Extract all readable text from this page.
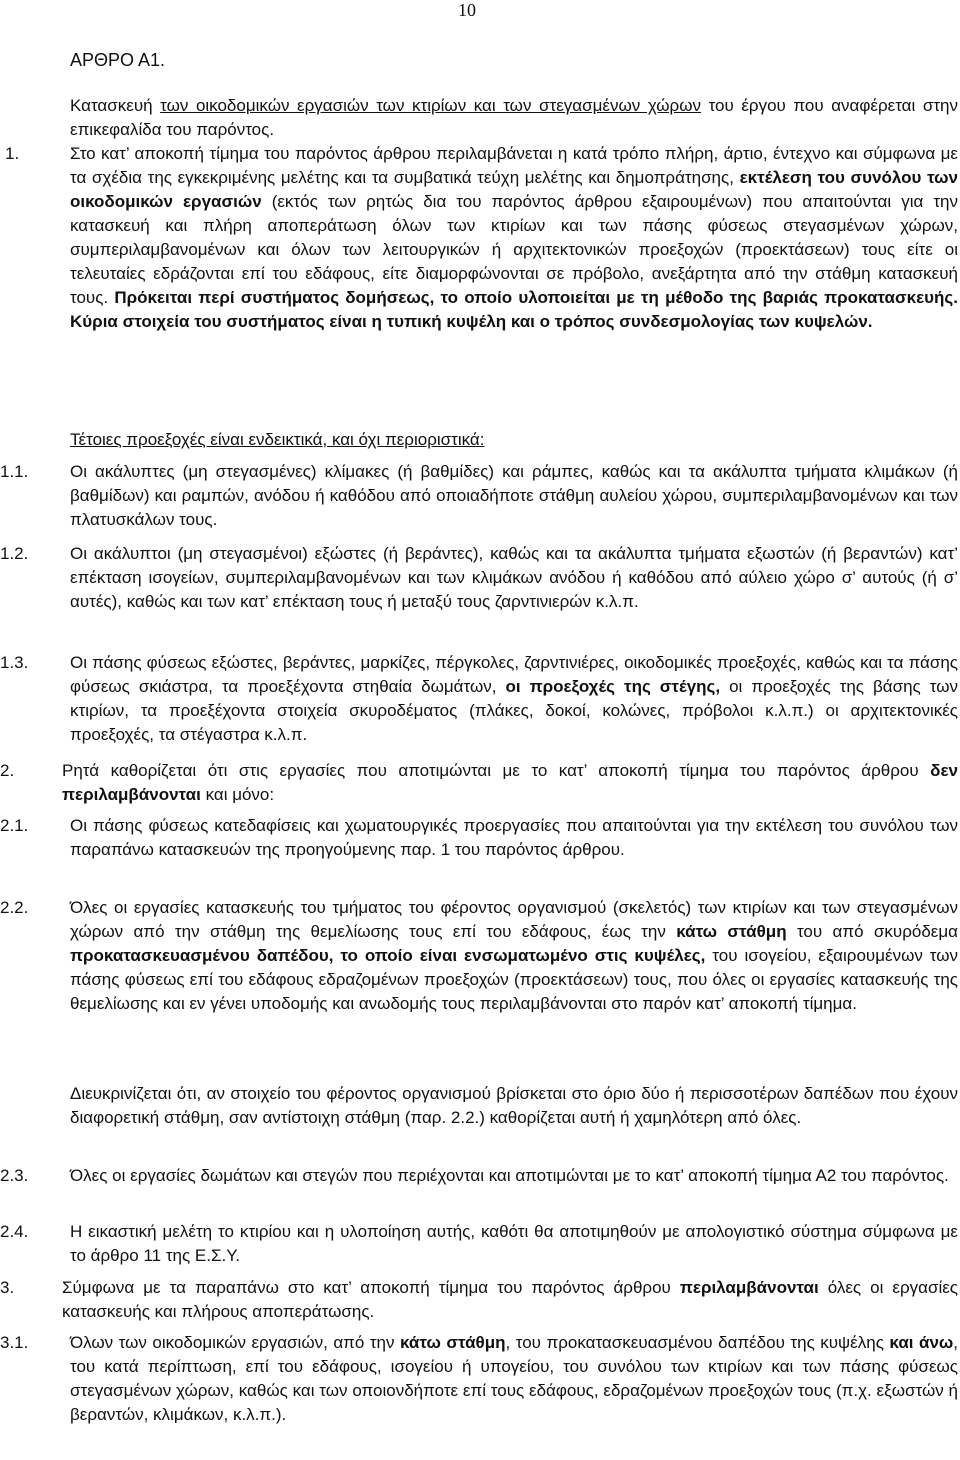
10
ΑΡΘΡΟ Α1.

Κατασκευή των οικοδομικών εργασιών των κτιρίων και των στεγασμένων χώρων του έργου που αναφέρεται στην επικεφαλίδα του παρόντος.

1.	Στο κατ’ αποκοπή τίμημα του παρόντος άρθρου περιλαμβάνεται η κατά τρόπο πλήρη, άρτιο, έντεχνο και σύμφωνα με τα σχέδια της εγκεκριμένης μελέτης και τα συμβατικά τεύχη μελέτης και δημοπράτησης, εκτέλεση του συνόλου των οικοδομικών εργασιών (εκτός των ρητώς δια του παρόντος άρθρου εξαιρουμένων) που απαιτούνται για την κατασκευή και πλήρη αποπεράτωση όλων των κτιρίων και των πάσης φύσεως στεγασμένων χώρων, συμπεριλαμβανομένων και όλων των λειτουργικών ή αρχιτεκτονικών προεξοχών (προεκτάσεων) τους είτε οι τελευταίες εδράζονται επί του εδάφους, είτε διαμορφώνονται σε πρόβολο, ανεξάρτητα από την στάθμη κατασκευή τους. Πρόκειται περί συστήματος δομήσεως, το οποίο υλοποιείται με τη μέθοδο της βαριάς προκατασκευής. Κύρια στοιχεία του συστήματος είναι η τυπική κυψέλη και ο τρόπος συνδεσμολογίας των κυψελών.

Τέτοιες προεξοχές είναι ενδεικτικά, και όχι περιοριστικά:

1.1. Οι ακάλυπτες (μη στεγασμένες) κλίμακες (ή βαθμίδες) και ράμπες, καθώς και τα ακάλυπτα τμήματα κλιμάκων (ή βαθμίδων) και ραμπών, ανόδου ή καθόδου από οποιαδήποτε στάθμη αυλείου χώρου, συμπεριλαμβανομένων και των πλατυσκάλων τους.

1.2. Οι ακάλυπτοι (μη στεγασμένοι) εξώστες (ή βεράντες), καθώς και τα ακάλυπτα τμήματα εξωστών (ή βεραντών) κατ’ επέκταση ισογείων, συμπεριλαμβανομένων και των κλιμάκων ανόδου ή καθόδου από αύλειο χώρο σ’ αυτούς (ή σ’ αυτές), καθώς και των κατ’ επέκταση τους ή μεταξύ τους ζαρντινιερών κ.λ.π.

1.3. Οι πάσης φύσεως εξώστες, βεράντες, μαρκίζες, πέργκολες, ζαρντινιέρες, οικοδομικές προεξοχές, καθώς και τα πάσης φύσεως σκιάστρα, τα προεξέχοντα στηθαία δωμάτων, οι προεξοχές της στέγης, οι προεξοχές της βάσης των κτιρίων, τα προεξέχοντα στοιχεία σκυροδέματος (πλάκες, δοκοί, κολώνες, πρόβολοι κ.λ.π.) οι αρχιτεκτονικές προεξοχές, τα στέγαστρα κ.λ.π.

2.	Ρητά καθορίζεται ότι στις εργασίες που αποτιμώνται με το κατ’ αποκοπή τίμημα του παρόντος άρθρου δεν περιλαμβάνονται και μόνο:

2.1. Οι πάσης φύσεως κατεδαφίσεις και χωματουργικές προεργασίες που απαιτούνται για την εκτέλεση του συνόλου των παραπάνω κατασκευών της προηγούμενης παρ. 1 του παρόντος άρθρου.

2.2. Όλες οι εργασίες κατασκευής του τμήματος του φέροντος οργανισμού (σκελετός) των κτιρίων και των στεγασμένων χώρων από την στάθμη της θεμελίωσης τους επί του εδάφους, έως την κάτω στάθμη του από σκυρόδεμα προκατασκευασμένου δαπέδου, το οποίο είναι ενσωματωμένο στις κυψέλες, του ισογείου, εξαιρουμένων των πάσης φύσεως επί του εδάφους εδραζομένων προεξοχών (προεκτάσεων) τους, που όλες οι εργασίες κατασκευής της θεμελίωσης και εν γένει υποδομής και ανωδομής τους περιλαμβάνονται στο παρόν κατ’ αποκοπή τίμημα.

Διευκρινίζεται ότι, αν στοιχείο του φέροντος οργανισμού βρίσκεται στο όριο δύο ή περισσοτέρων δαπέδων που έχουν διαφορετική στάθμη, σαν αντίστοιχη στάθμη (παρ. 2.2.) καθορίζεται αυτή ή χαμηλότερη από όλες.

2.3. Όλες οι εργασίες δωμάτων και στεγών που περιέχονται και αποτιμώνται με το κατ’ αποκοπή τίμημα Α2 του παρόντος.

2.4. Η εικαστική μελέτη το κτιρίου και η υλοποίηση αυτής, καθότι θα αποτιμηθούν με απολογιστικό σύστημα σύμφωνα με το άρθρο 11 της Ε.Σ.Υ.

3.	Σύμφωνα με τα παραπάνω στο κατ’ αποκοπή τίμημα του παρόντος άρθρου περιλαμβάνονται όλες οι εργασίες κατασκευής και πλήρους αποπεράτωσης.

3.1. Όλων των οικοδομικών εργασιών, από την κάτω στάθμη, του προκατασκευασμένου δαπέδου της κυψέλης και άνω, του κατά περίπτωση, επί του εδάφους, ισογείου ή υπογείου, του συνόλου των κτιρίων και των πάσης φύσεως στεγασμένων χώρων, καθώς και των οποιονδήποτε επί τους εδάφους, εδραζομένων προεξοχών τους (π.χ. εξωστών ή βεραντών, κλιμάκων, κ.λ.π.).
